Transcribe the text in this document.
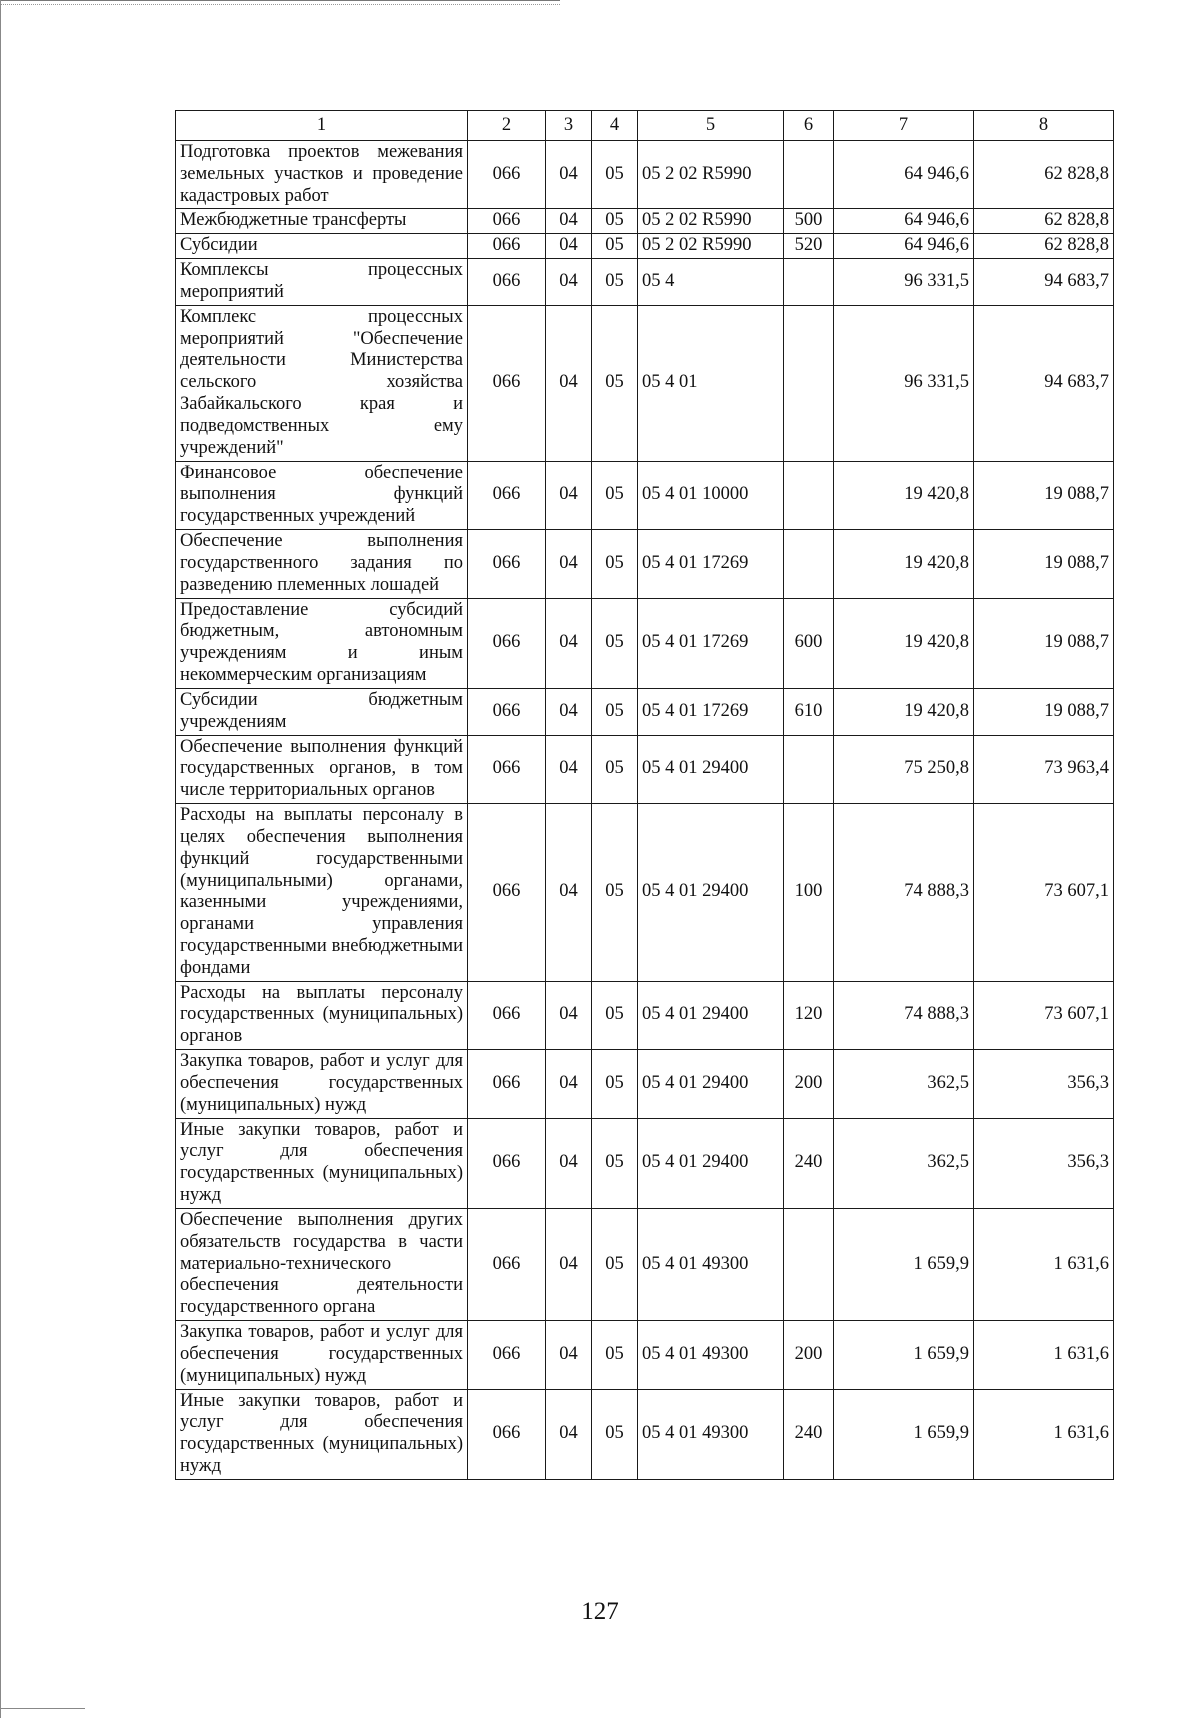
1	2	3	4	5	6	7	8
Подготовка проектов межевания земельных участков и проведение кадастровых работ	066	04	05	05 2 02 R5990		64 946,6	62 828,8
Межбюджетные трансферты	066	04	05	05 2 02 R5990	500	64 946,6	62 828,8
Субсидии	066	04	05	05 2 02 R5990	520	64 946,6	62 828,8
Комплексы процессных мероприятий	066	04	05	05 4		96 331,5	94 683,7
Комплекс процессных мероприятий "Обеспечение деятельности Министерства сельского хозяйства Забайкальского края и подведомственных ему учреждений"	066	04	05	05 4 01		96 331,5	94 683,7
Финансовое обеспечение выполнения функций государственных учреждений	066	04	05	05 4 01 10000		19 420,8	19 088,7
Обеспечение выполнения государственного задания по разведению племенных лошадей	066	04	05	05 4 01 17269		19 420,8	19 088,7
Предоставление субсидий бюджетным, автономным учреждениям и иным некоммерческим организациям	066	04	05	05 4 01 17269	600	19 420,8	19 088,7
Субсидии бюджетным учреждениям	066	04	05	05 4 01 17269	610	19 420,8	19 088,7
Обеспечение выполнения функций государственных органов, в том числе территориальных органов	066	04	05	05 4 01 29400		75 250,8	73 963,4
Расходы на выплаты персоналу в целях обеспечения выполнения функций государственными (муниципальными) органами, казенными учреждениями, органами управления государственными внебюджетными фондами	066	04	05	05 4 01 29400	100	74 888,3	73 607,1
Расходы на выплаты персоналу государственных (муниципальных) органов	066	04	05	05 4 01 29400	120	74 888,3	73 607,1
Закупка товаров, работ и услуг для обеспечения государственных (муниципальных) нужд	066	04	05	05 4 01 29400	200	362,5	356,3
Иные закупки товаров, работ и услуг для обеспечения государственных (муниципальных) нужд	066	04	05	05 4 01 29400	240	362,5	356,3
Обеспечение выполнения других обязательств государства в части материально-технического обеспечения деятельности государственного органа	066	04	05	05 4 01 49300		1 659,9	1 631,6
Закупка товаров, работ и услуг для обеспечения государственных (муниципальных) нужд	066	04	05	05 4 01 49300	200	1 659,9	1 631,6
Иные закупки товаров, работ и услуг для обеспечения государственных (муниципальных) нужд	066	04	05	05 4 01 49300	240	1 659,9	1 631,6
127
